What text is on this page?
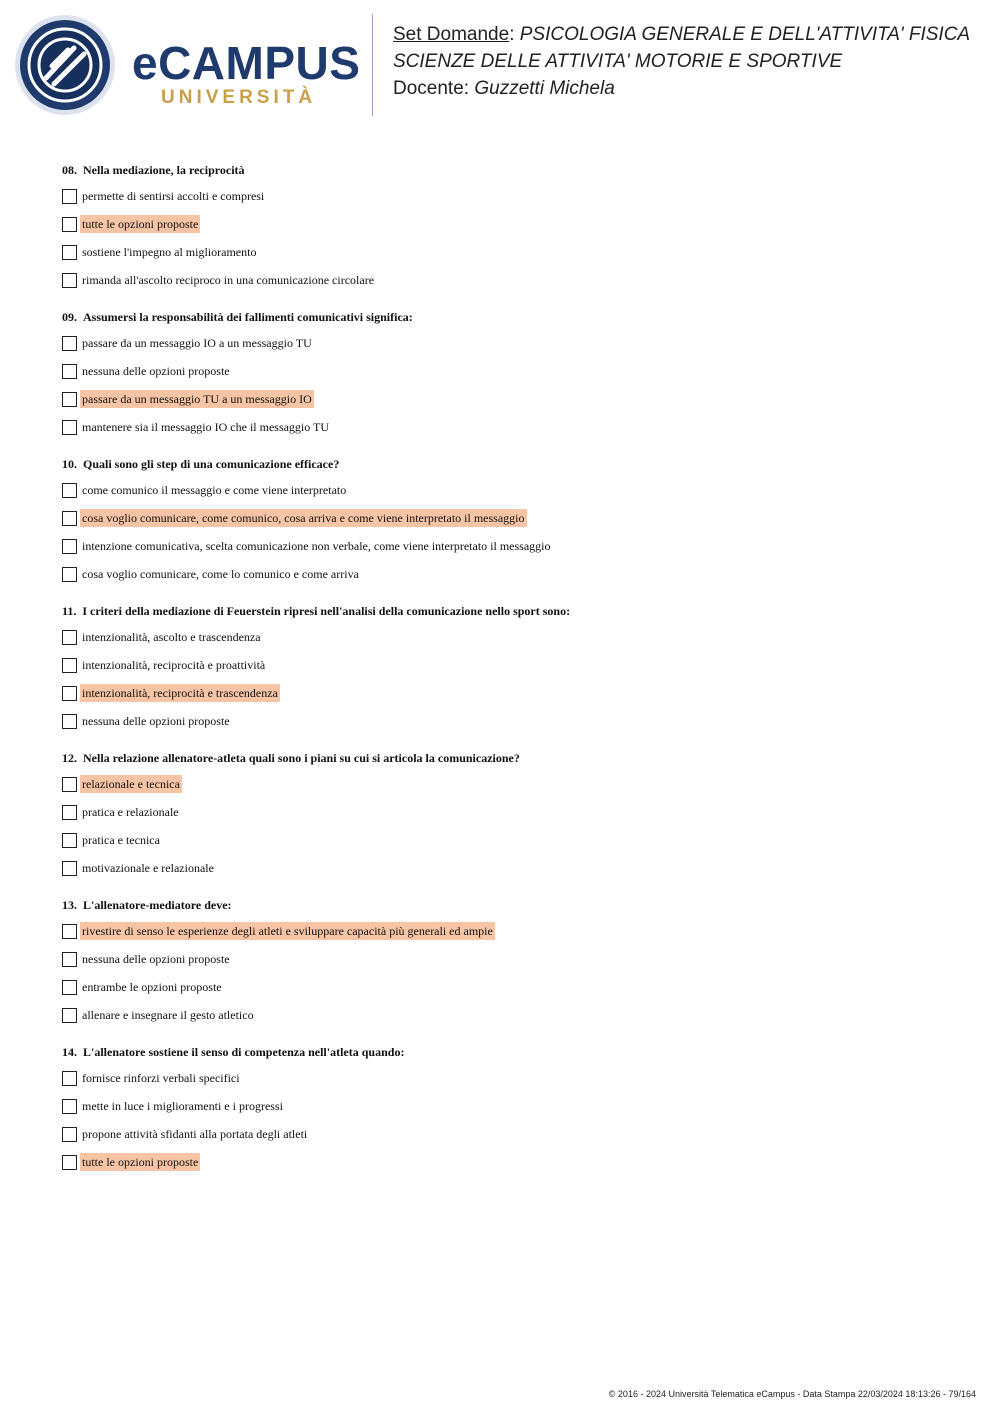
eCAMPUS
UNIVERSITÀ
Set Domande: PSICOLOGIA GENERALE E DELL'ATTIVITA' FISICA
SCIENZE DELLE ATTIVITA' MOTORIE E SPORTIVE
Docente: Guzzetti Michela
08. Nella mediazione, la reciprocità
permette di sentirsi accolti e compresi
tutte le opzioni proposte
sostiene l'impegno al miglioramento
rimanda all'ascolto reciproco in una comunicazione circolare
09. Assumersi la responsabilità dei fallimenti comunicativi significa:
passare da un messaggio IO a un messaggio TU
nessuna delle opzioni proposte
passare da un messaggio TU a un messaggio IO
mantenere sia il messaggio IO che il messaggio TU
10. Quali sono gli step di una comunicazione efficace?
come comunico il messaggio e come viene interpretato
cosa voglio comunicare, come comunico, cosa arriva e come viene interpretato il messaggio
intenzione comunicativa, scelta comunicazione non verbale, come viene interpretato il messaggio
cosa voglio comunicare, come lo comunico e come arriva
11. I criteri della mediazione di Feuerstein ripresi nell'analisi della comunicazione nello sport sono:
intenzionalità, ascolto e trascendenza
intenzionalità, reciprocità e proattività
intenzionalità, reciprocità e trascendenza
nessuna delle opzioni proposte
12. Nella relazione allenatore-atleta quali sono i piani su cui si articola la comunicazione?
relazionale e tecnica
pratica e relazionale
pratica e tecnica
motivazionale e relazionale
13. L'allenatore-mediatore deve:
rivestire di senso le esperienze degli atleti e sviluppare capacità più generali ed ampie
nessuna delle opzioni proposte
entrambe le opzioni proposte
allenare e insegnare il gesto atletico
14. L'allenatore sostiene il senso di competenza nell'atleta quando:
fornisce rinforzi verbali specifici
mette in luce i miglioramenti e i progressi
propone attività sfidanti alla portata degli atleti
tutte le opzioni proposte
© 2016 - 2024 Università Telematica eCampus - Data Stampa 22/03/2024 18:13:26 - 79/164
